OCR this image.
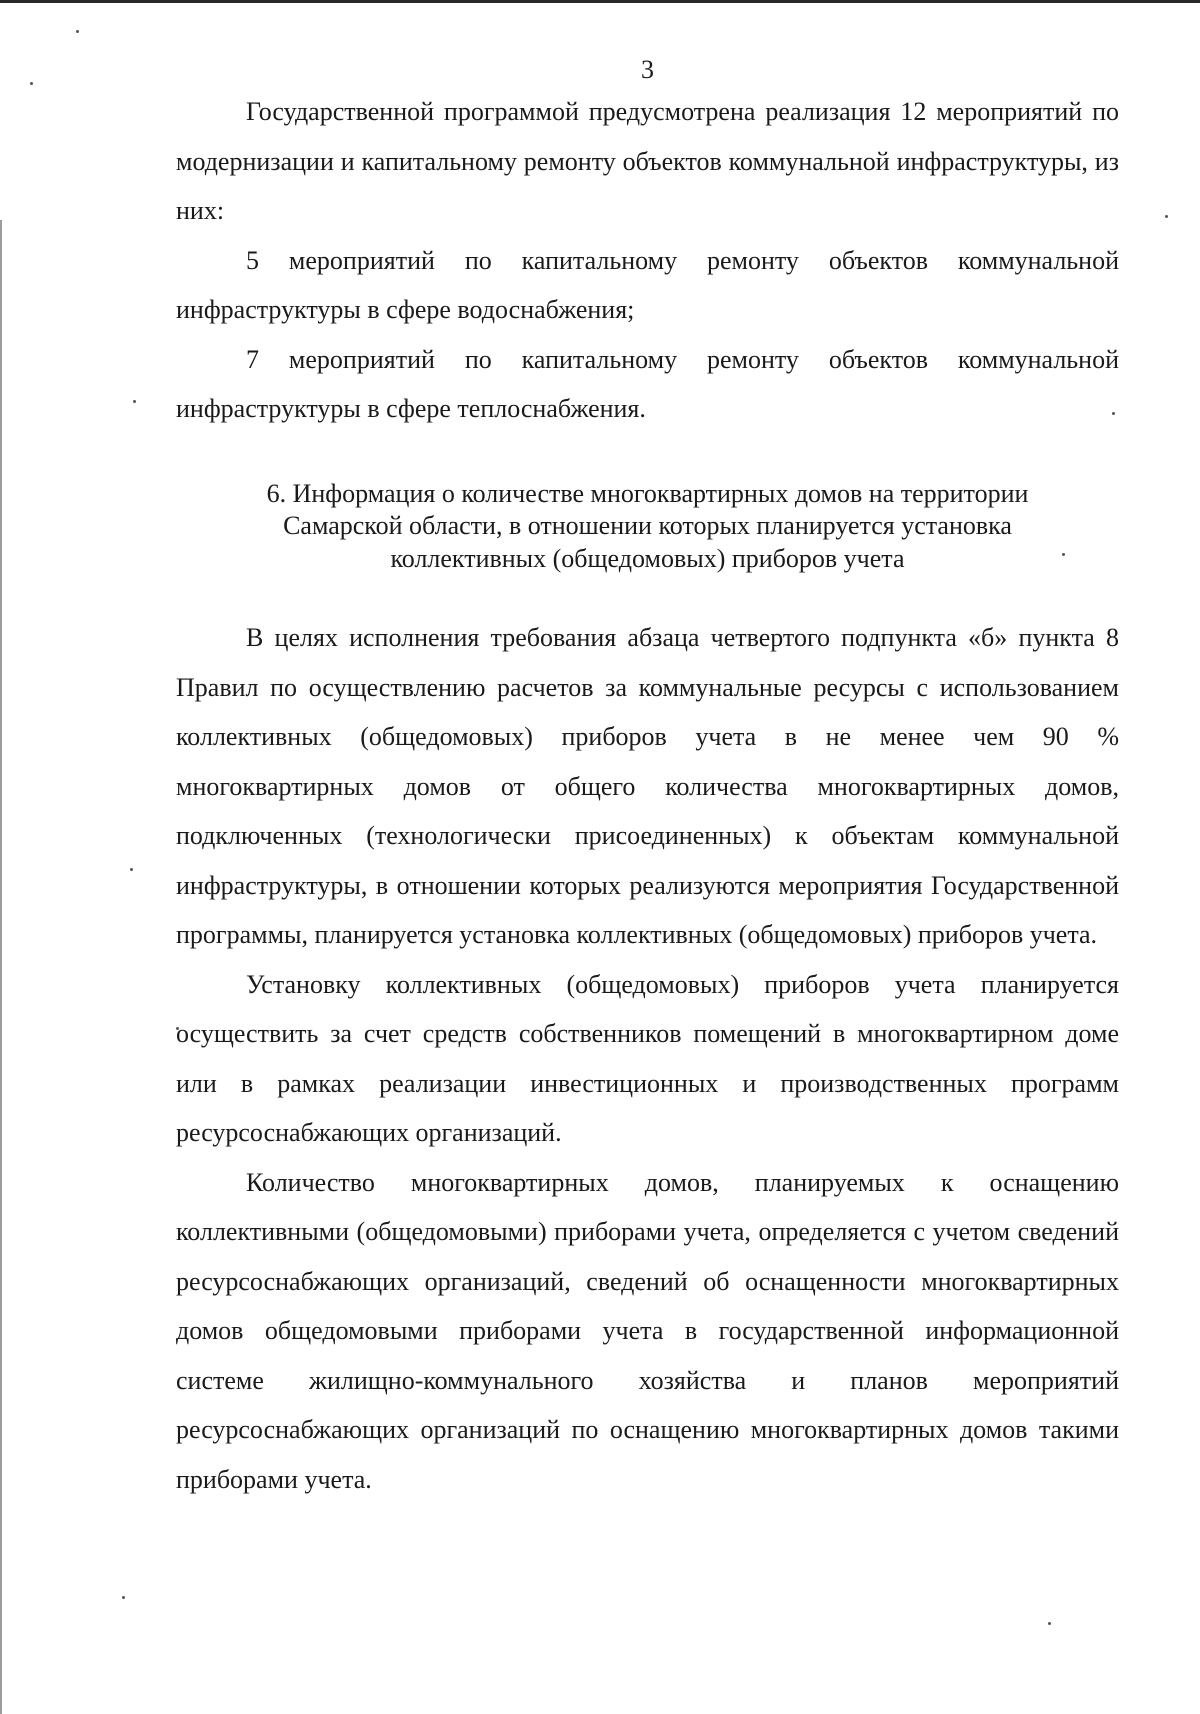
3

Государственной программой предусмотрена реализация 12 мероприятий по модернизации и капитальному ремонту объектов коммунальной инфраструктуры, из них:

5 мероприятий по капитальному ремонту объектов коммунальной инфраструктуры в сфере водоснабжения;

7 мероприятий по капитальному ремонту объектов коммунальной инфраструктуры в сфере теплоснабжения.

6. Информация о количестве многоквартирных домов на территории
Самарской области, в отношении которых планируется установка
коллективных (общедомовых) приборов учета

В целях исполнения требования абзаца четвертого подпункта «б» пункта 8 Правил по осуществлению расчетов за коммунальные ресурсы с использованием коллективных (общедомовых) приборов учета в не менее чем 90 % многоквартирных домов от общего количества многоквартирных домов, подключенных (технологически присоединенных) к объектам коммунальной инфраструктуры, в отношении которых реализуются мероприятия Государственной программы, планируется установка коллективных (общедомовых) приборов учета.

Установку коллективных (общедомовых) приборов учета планируется осуществить за счет средств собственников помещений в многоквартирном доме или в рамках реализации инвестиционных и производственных программ ресурсоснабжающих организаций.

Количество многоквартирных домов, планируемых к оснащению коллективными (общедомовыми) приборами учета, определяется с учетом сведений ресурсоснабжающих организаций, сведений об оснащенности многоквартирных домов общедомовыми приборами учета в государственной информационной системе жилищно-коммунального хозяйства и планов мероприятий ресурсоснабжающих организаций по оснащению многоквартирных домов такими приборами учета.
